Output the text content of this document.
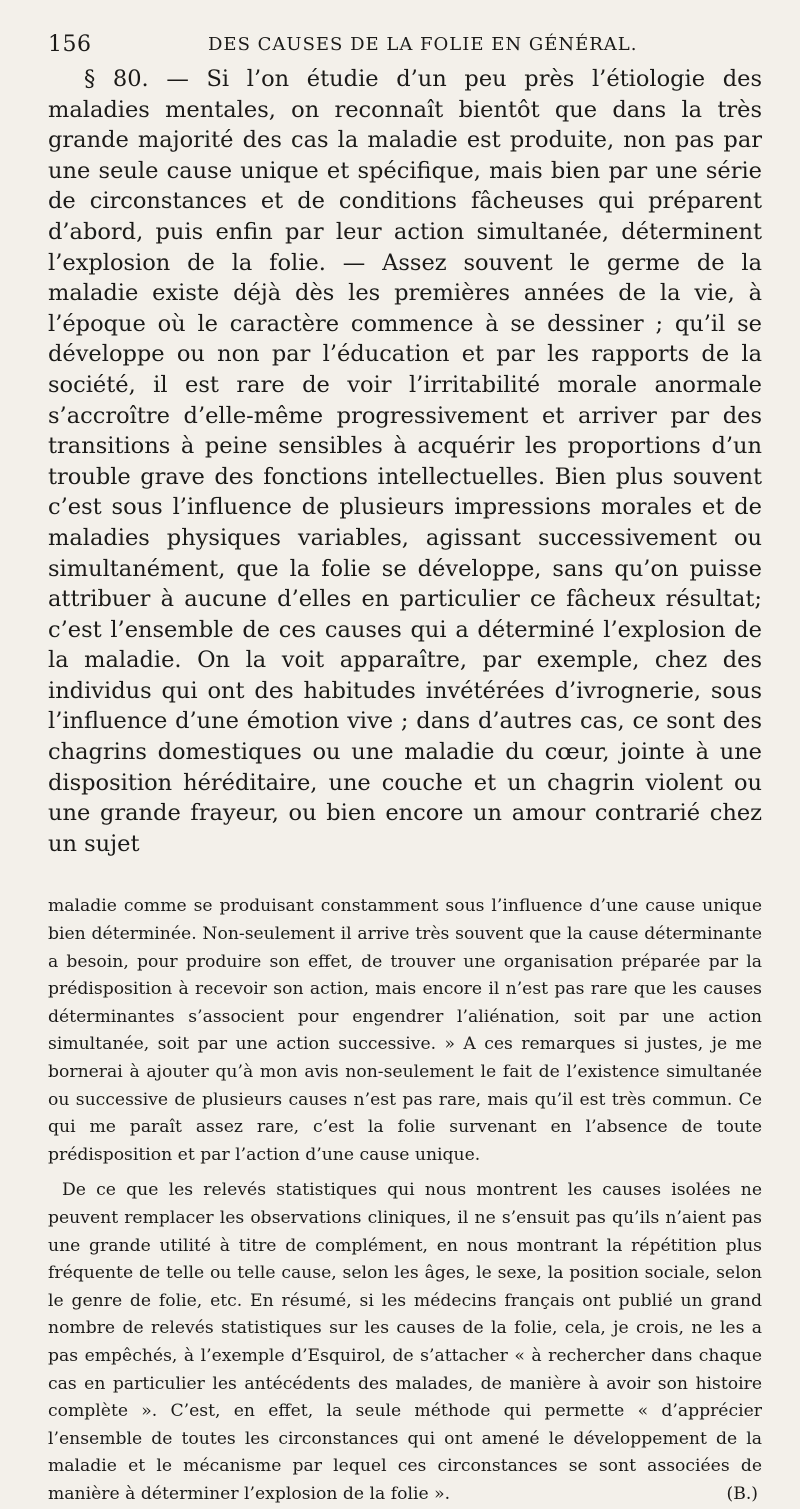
156	DES CAUSES DE LA FOLIE EN GÉNÉRAL.

§ 80. — Si l’on étudie d’un peu près l’étiologie des maladies mentales, on reconnaît bientôt que dans la très grande majorité des cas la maladie est produite, non pas par une seule cause unique et spécifique, mais bien par une série de circonstances et de conditions fâcheuses qui préparent d’abord, puis enfin par leur action simultanée, déterminent l’explosion de la folie. — Assez souvent le germe de la maladie existe déjà dès les premières années de la vie, à l’époque où le caractère commence à se dessiner ; qu’il se développe ou non par l’éducation et par les rapports de la société, il est rare de voir l’irritabilité morale anormale s’accroître d’elle-même progressivement et arriver par des transitions à peine sensibles à acquérir les proportions d’un trouble grave des fonctions intellectuelles. Bien plus souvent c’est sous l’influence de plusieurs impressions morales et de maladies physiques variables, agissant successivement ou simultanément, que la folie se développe, sans qu’on puisse attribuer à aucune d’elles en particulier ce fâcheux résultat; c’est l’ensemble de ces causes qui a déterminé l’explosion de la maladie. On la voit apparaître, par exemple, chez des individus qui ont des habitudes invétérées d’ivrognerie, sous l’influence d’une émotion vive ; dans d’autres cas, ce sont des chagrins domestiques ou une maladie du cœur, jointe à une disposition héréditaire, une couche et un chagrin violent ou une grande frayeur, ou bien encore un amour contrarié chez un sujet

maladie comme se produisant constamment sous l’influence d’une cause unique bien déterminée. Non-seulement il arrive très souvent que la cause déterminante a besoin, pour produire son effet, de trouver une organisation préparée par la prédisposition à recevoir son action, mais encore il n’est pas rare que les causes déterminantes s’associent pour engendrer l’aliénation, soit par une action simultanée, soit par une action successive. » A ces remarques si justes, je me bornerai à ajouter qu’à mon avis non-seulement le fait de l’existence simultanée ou successive de plusieurs causes n’est pas rare, mais qu’il est très commun. Ce qui me paraît assez rare, c’est la folie survenant en l’absence de toute prédisposition et par l’action d’une cause unique.

De ce que les relevés statistiques qui nous montrent les causes isolées ne peuvent remplacer les observations cliniques, il ne s’ensuit pas qu’ils n’aient pas une grande utilité à titre de complément, en nous montrant la répétition plus fréquente de telle ou telle cause, selon les âges, le sexe, la position sociale, selon le genre de folie, etc. En résumé, si les médecins français ont publié un grand nombre de relevés statistiques sur les causes de la folie, cela, je crois, ne les a pas empêchés, à l’exemple d’Esquirol, de s’attacher « à rechercher dans chaque cas en particulier les antécédents des malades, de manière à avoir son histoire complète ». C’est, en effet, la seule méthode qui permette « d’apprécier l’ensemble de toutes les circonstances qui ont amené le développement de la maladie et le mécanisme par lequel ces circonstances se sont associées de manière à déterminer l’explosion de la folie ».	(B.)
